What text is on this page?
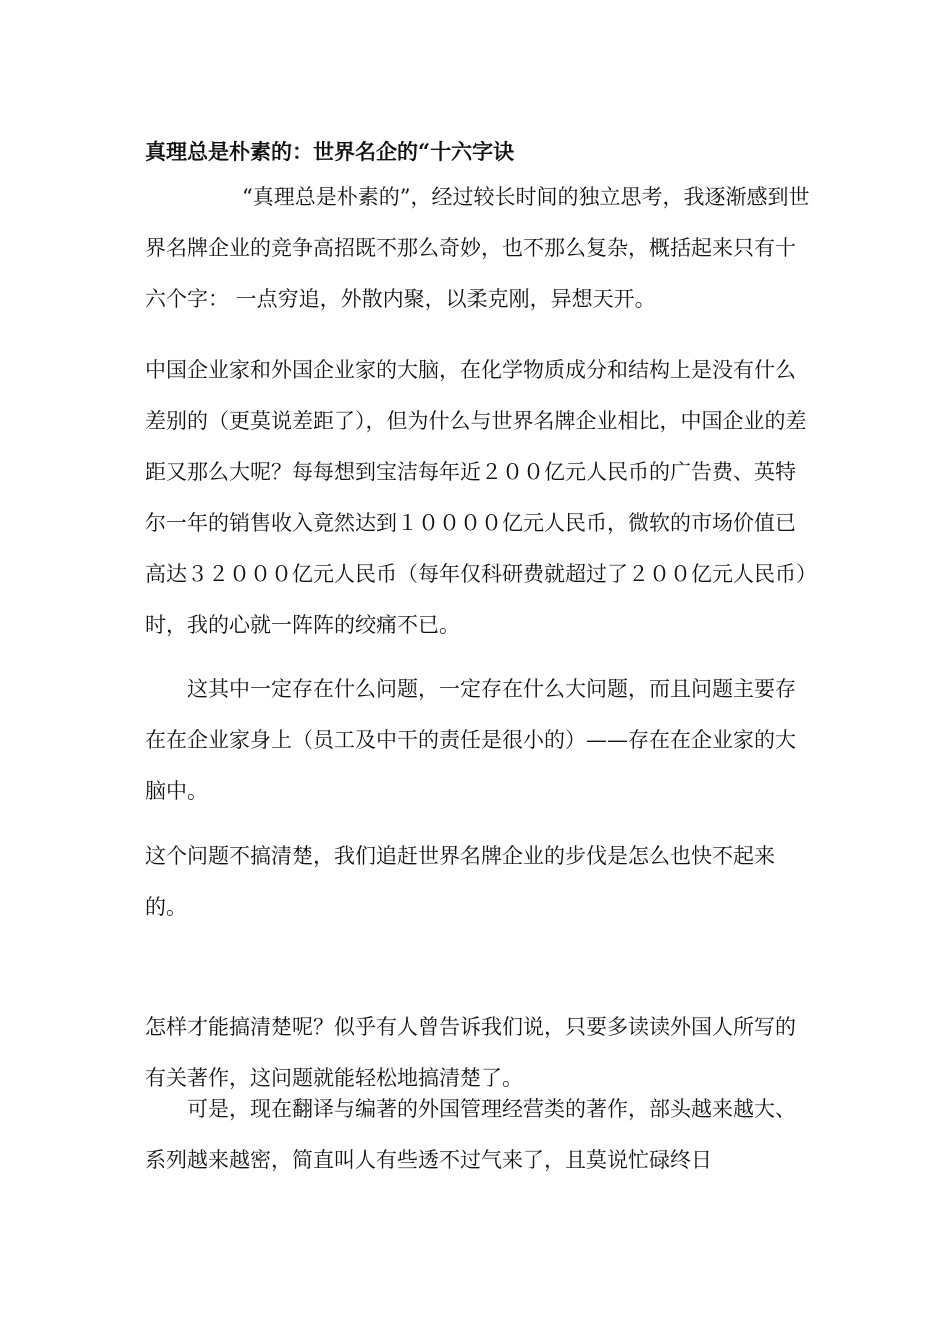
真理总是朴素的：世界名企的“十六字诀

“真理总是朴素的”，经过较长时间的独立思考，我逐渐感到世界名牌企业的竞争高招既不那么奇妙，也不那么复杂，概括起来只有十六个字： 一点穷追，外散内聚，以柔克刚，异想天开。

中国企业家和外国企业家的大脑，在化学物质成分和结构上是没有什么差别的（更莫说差距了），但为什么与世界名牌企业相比，中国企业的差距又那么大呢？每每想到宝洁每年近２００亿元人民币的广告费、英特尔一年的销售收入竟然达到１００００亿元人民币，微软的市场价值已高达３２０００亿元人民币（每年仅科研费就超过了２００亿元人民币）时，我的心就一阵阵的绞痛不已。

这其中一定存在什么问题，一定存在什么大问题，而且问题主要存在在企业家身上（员工及中干的责任是很小的）——存在在企业家的大脑中。

这个问题不搞清楚，我们追赶世界名牌企业的步伐是怎么也快不起来的。

怎样才能搞清楚呢？似乎有人曾告诉我们说，只要多读读外国人所写的有关著作，这问题就能轻松地搞清楚了。

可是，现在翻译与编著的外国管理经营类的著作，部头越来越大、系列越来越密，简直叫人有些透不过气来了，且莫说忙碌终日
